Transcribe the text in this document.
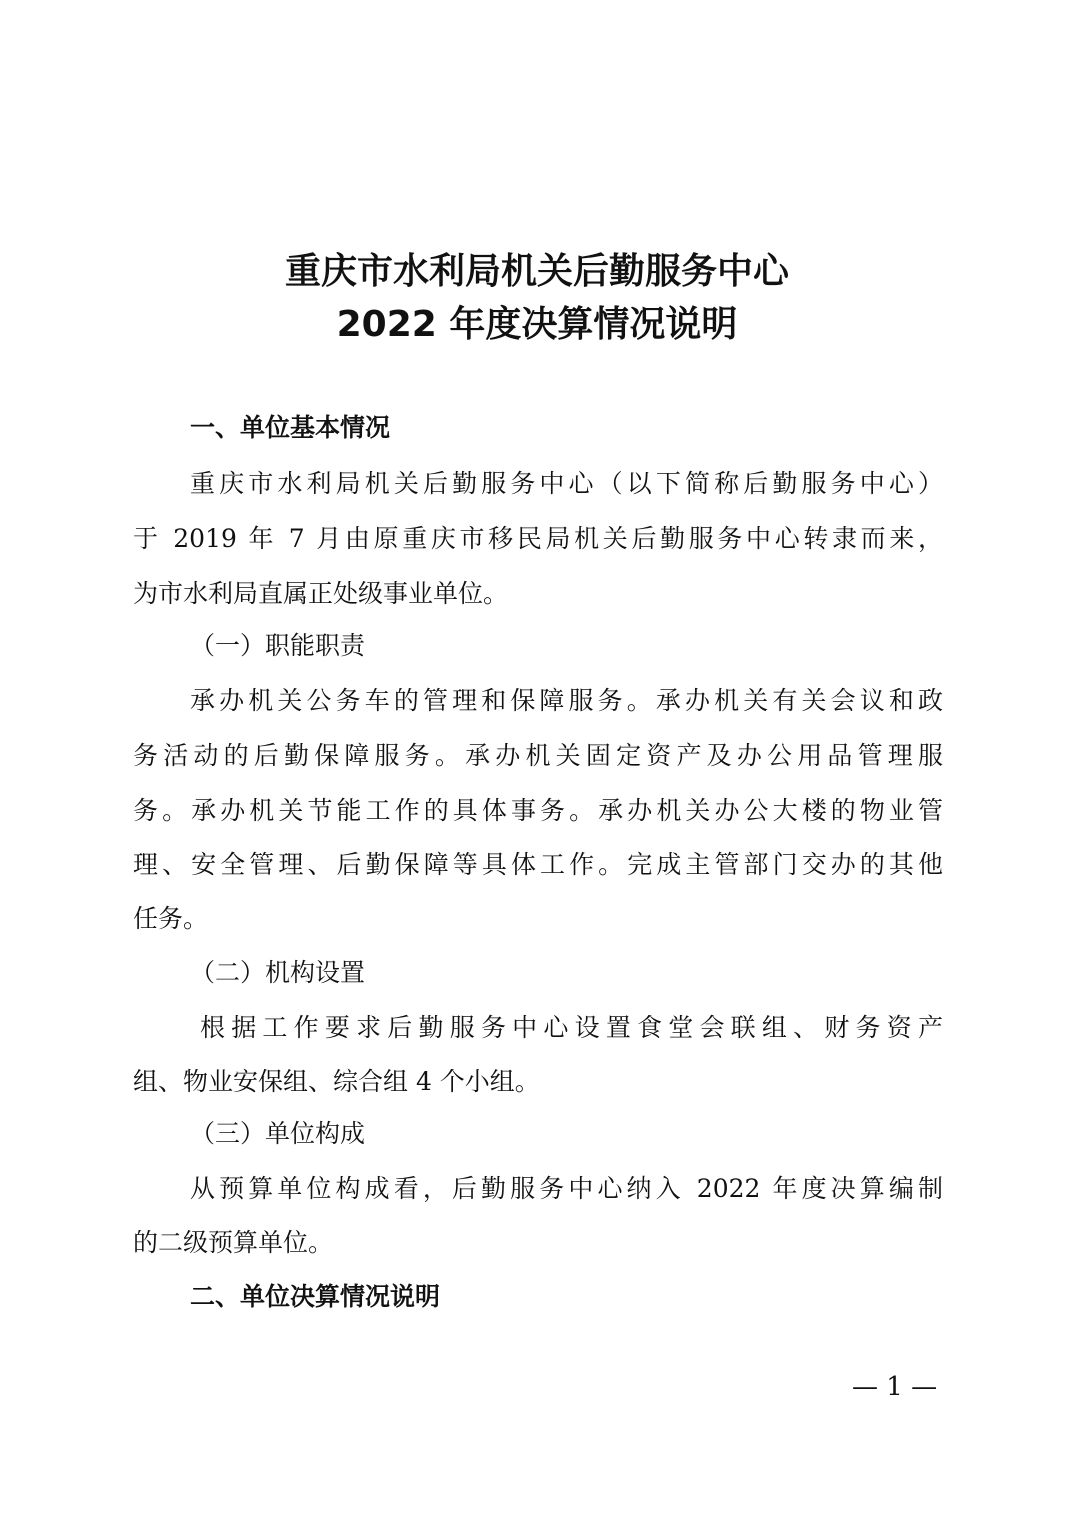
重庆市水利局机关后勤服务中心
2022 年度决算情况说明
一、单位基本情况
重庆市水利局机关后勤服务中心（以下简称后勤服务中心）
于 2019 年 7 月由原重庆市移民局机关后勤服务中心转隶而来，
为市水利局直属正处级事业单位。
（一）职能职责
承办机关公务车的管理和保障服务。承办机关有关会议和政
务活动的后勤保障服务。承办机关固定资产及办公用品管理服
务。承办机关节能工作的具体事务。承办机关办公大楼的物业管
理、安全管理、后勤保障等具体工作。完成主管部门交办的其他
任务。
（二）机构设置
根据工作要求后勤服务中心设置食堂会联组、财务资产
组、物业安保组、综合组 4 个小组。
（三）单位构成
从预算单位构成看，后勤服务中心纳入 2022 年度决算编制
的二级预算单位。
二、单位决算情况说明
— 1 —
